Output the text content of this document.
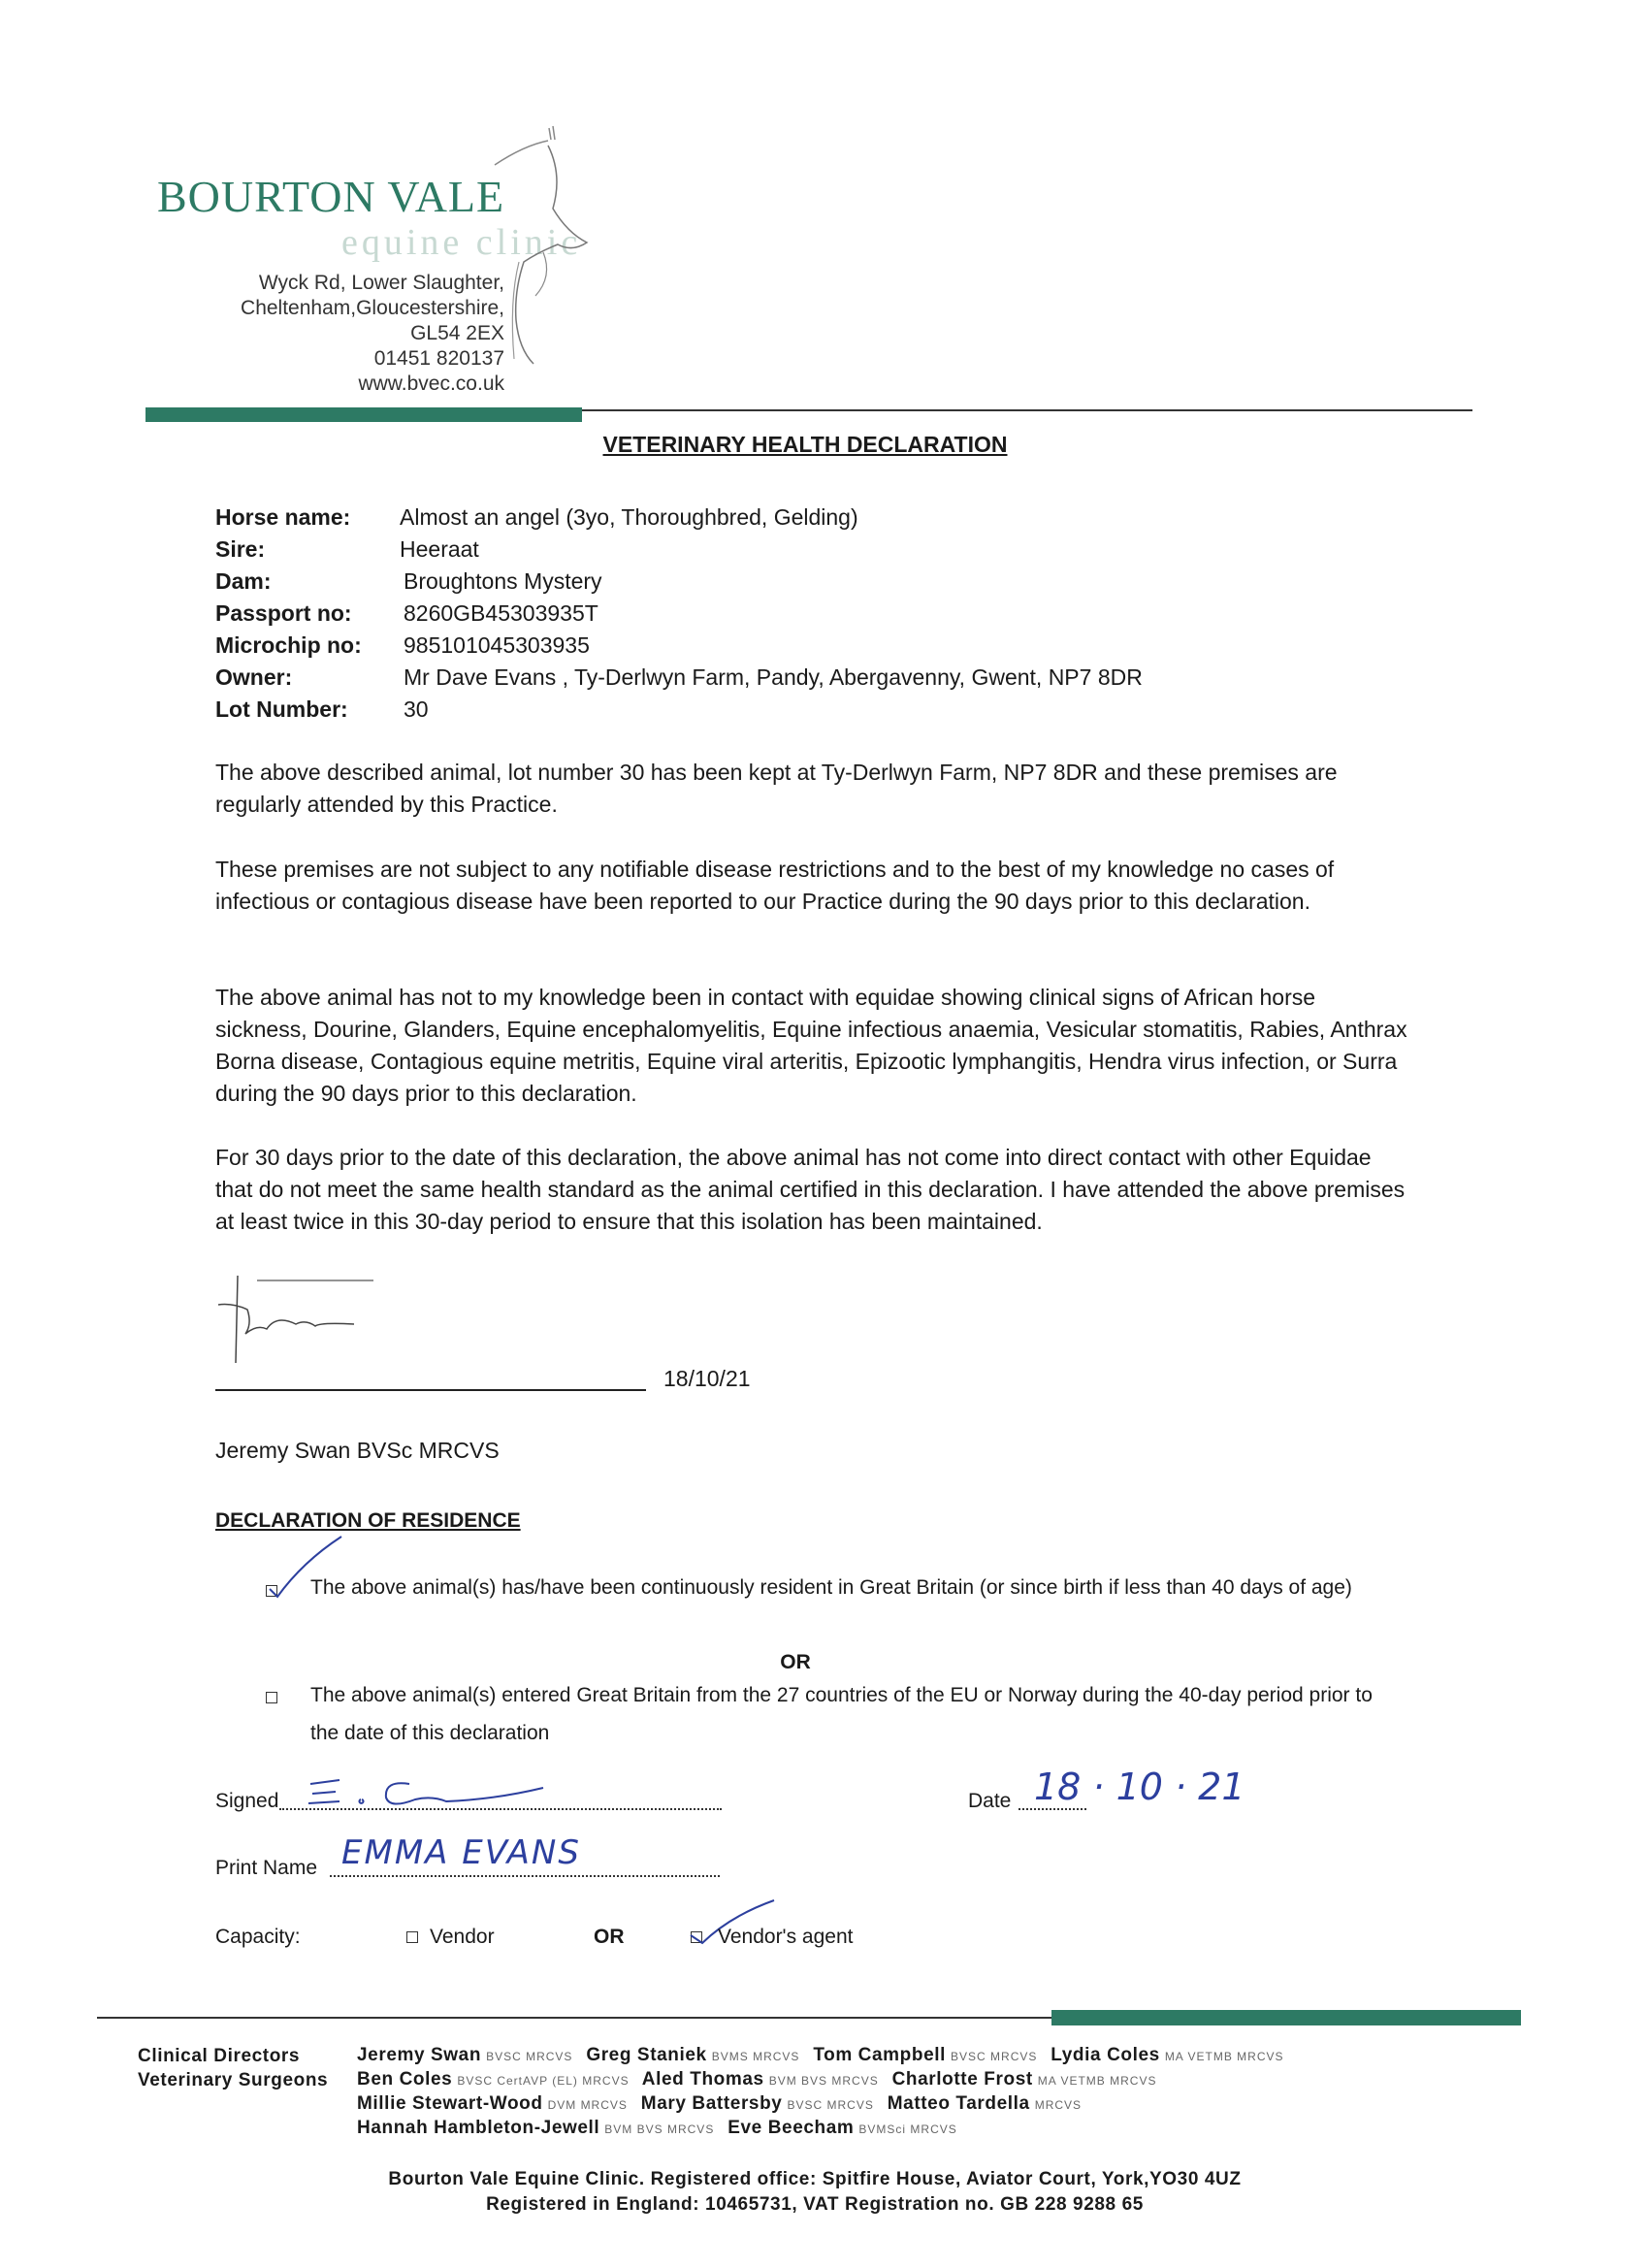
BOURTON VALE
equine clinic
Wyck Rd, Lower Slaughter,
Cheltenham,Gloucestershire,
GL54 2EX
01451 820137
www.bvec.co.uk
VETERINARY HEALTH DECLARATION
Horse name: Almost an angel (3yo, Thoroughbred, Gelding)
Sire:	Heeraat
Dam:	Broughtons Mystery
Passport no: 8260GB45303935T
Microchip no: 985101045303935
Owner:	Mr Dave Evans , Ty-Derlwyn Farm, Pandy, Abergavenny, Gwent, NP7 8DR
Lot Number: 30
The above described animal, lot number 30 has been kept at Ty-Derlwyn Farm, NP7 8DR and these premises are regularly attended by this Practice.
These premises are not subject to any notifiable disease restrictions and to the best of my knowledge no cases of infectious or contagious disease have been reported to our Practice during the 90 days prior to this declaration.
The above animal has not to my knowledge been in contact with equidae showing clinical signs of African horse sickness, Dourine, Glanders, Equine encephalomyelitis, Equine infectious anaemia, Vesicular stomatitis, Rabies, Anthrax Borna disease, Contagious equine metritis, Equine viral arteritis, Epizootic lymphangitis, Hendra virus infection, or Surra during the 90 days prior to this declaration.
For 30 days prior to the date of this declaration, the above animal has not come into direct contact with other Equidae that do not meet the same health standard as the animal certified in this declaration. I have attended the above premises at least twice in this 30-day period to ensure that this isolation has been maintained.
18/10/21
Jeremy Swan BVSc MRCVS
DECLARATION OF RESIDENCE
The above animal(s) has/have been continuously resident in Great Britain (or since birth if less than 40 days of age)
OR
The above animal(s) entered Great Britain from the 27 countries of the EU or Norway during the 40-day period prior to the date of this declaration
Signed	Date 18 · 10 · 21
Print Name EMMA EVANS
Capacity:	Vendor	OR	Vendor's agent
Clinical Directors
Veterinary Surgeons
Jeremy Swan BVSC MRCVS Greg Staniek BVMS MRCVS Tom Campbell BVSC MRCVS Lydia Coles MA VETMB MRCVS
Ben Coles BVSC CertAVP (EL) MRCVS Aled Thomas BVM BVS MRCVS Charlotte Frost MA VETMB MRCVS
Millie Stewart-Wood DVM MRCVS Mary Battersby BVSC MRCVS Matteo Tardella MRCVS
Hannah Hambleton-Jewell BVM BVS MRCVS Eve Beecham BVMSci MRCVS
Bourton Vale Equine Clinic. Registered office: Spitfire House, Aviator Court, York,YO30 4UZ
Registered in England: 10465731, VAT Registration no. GB 228 9288 65
